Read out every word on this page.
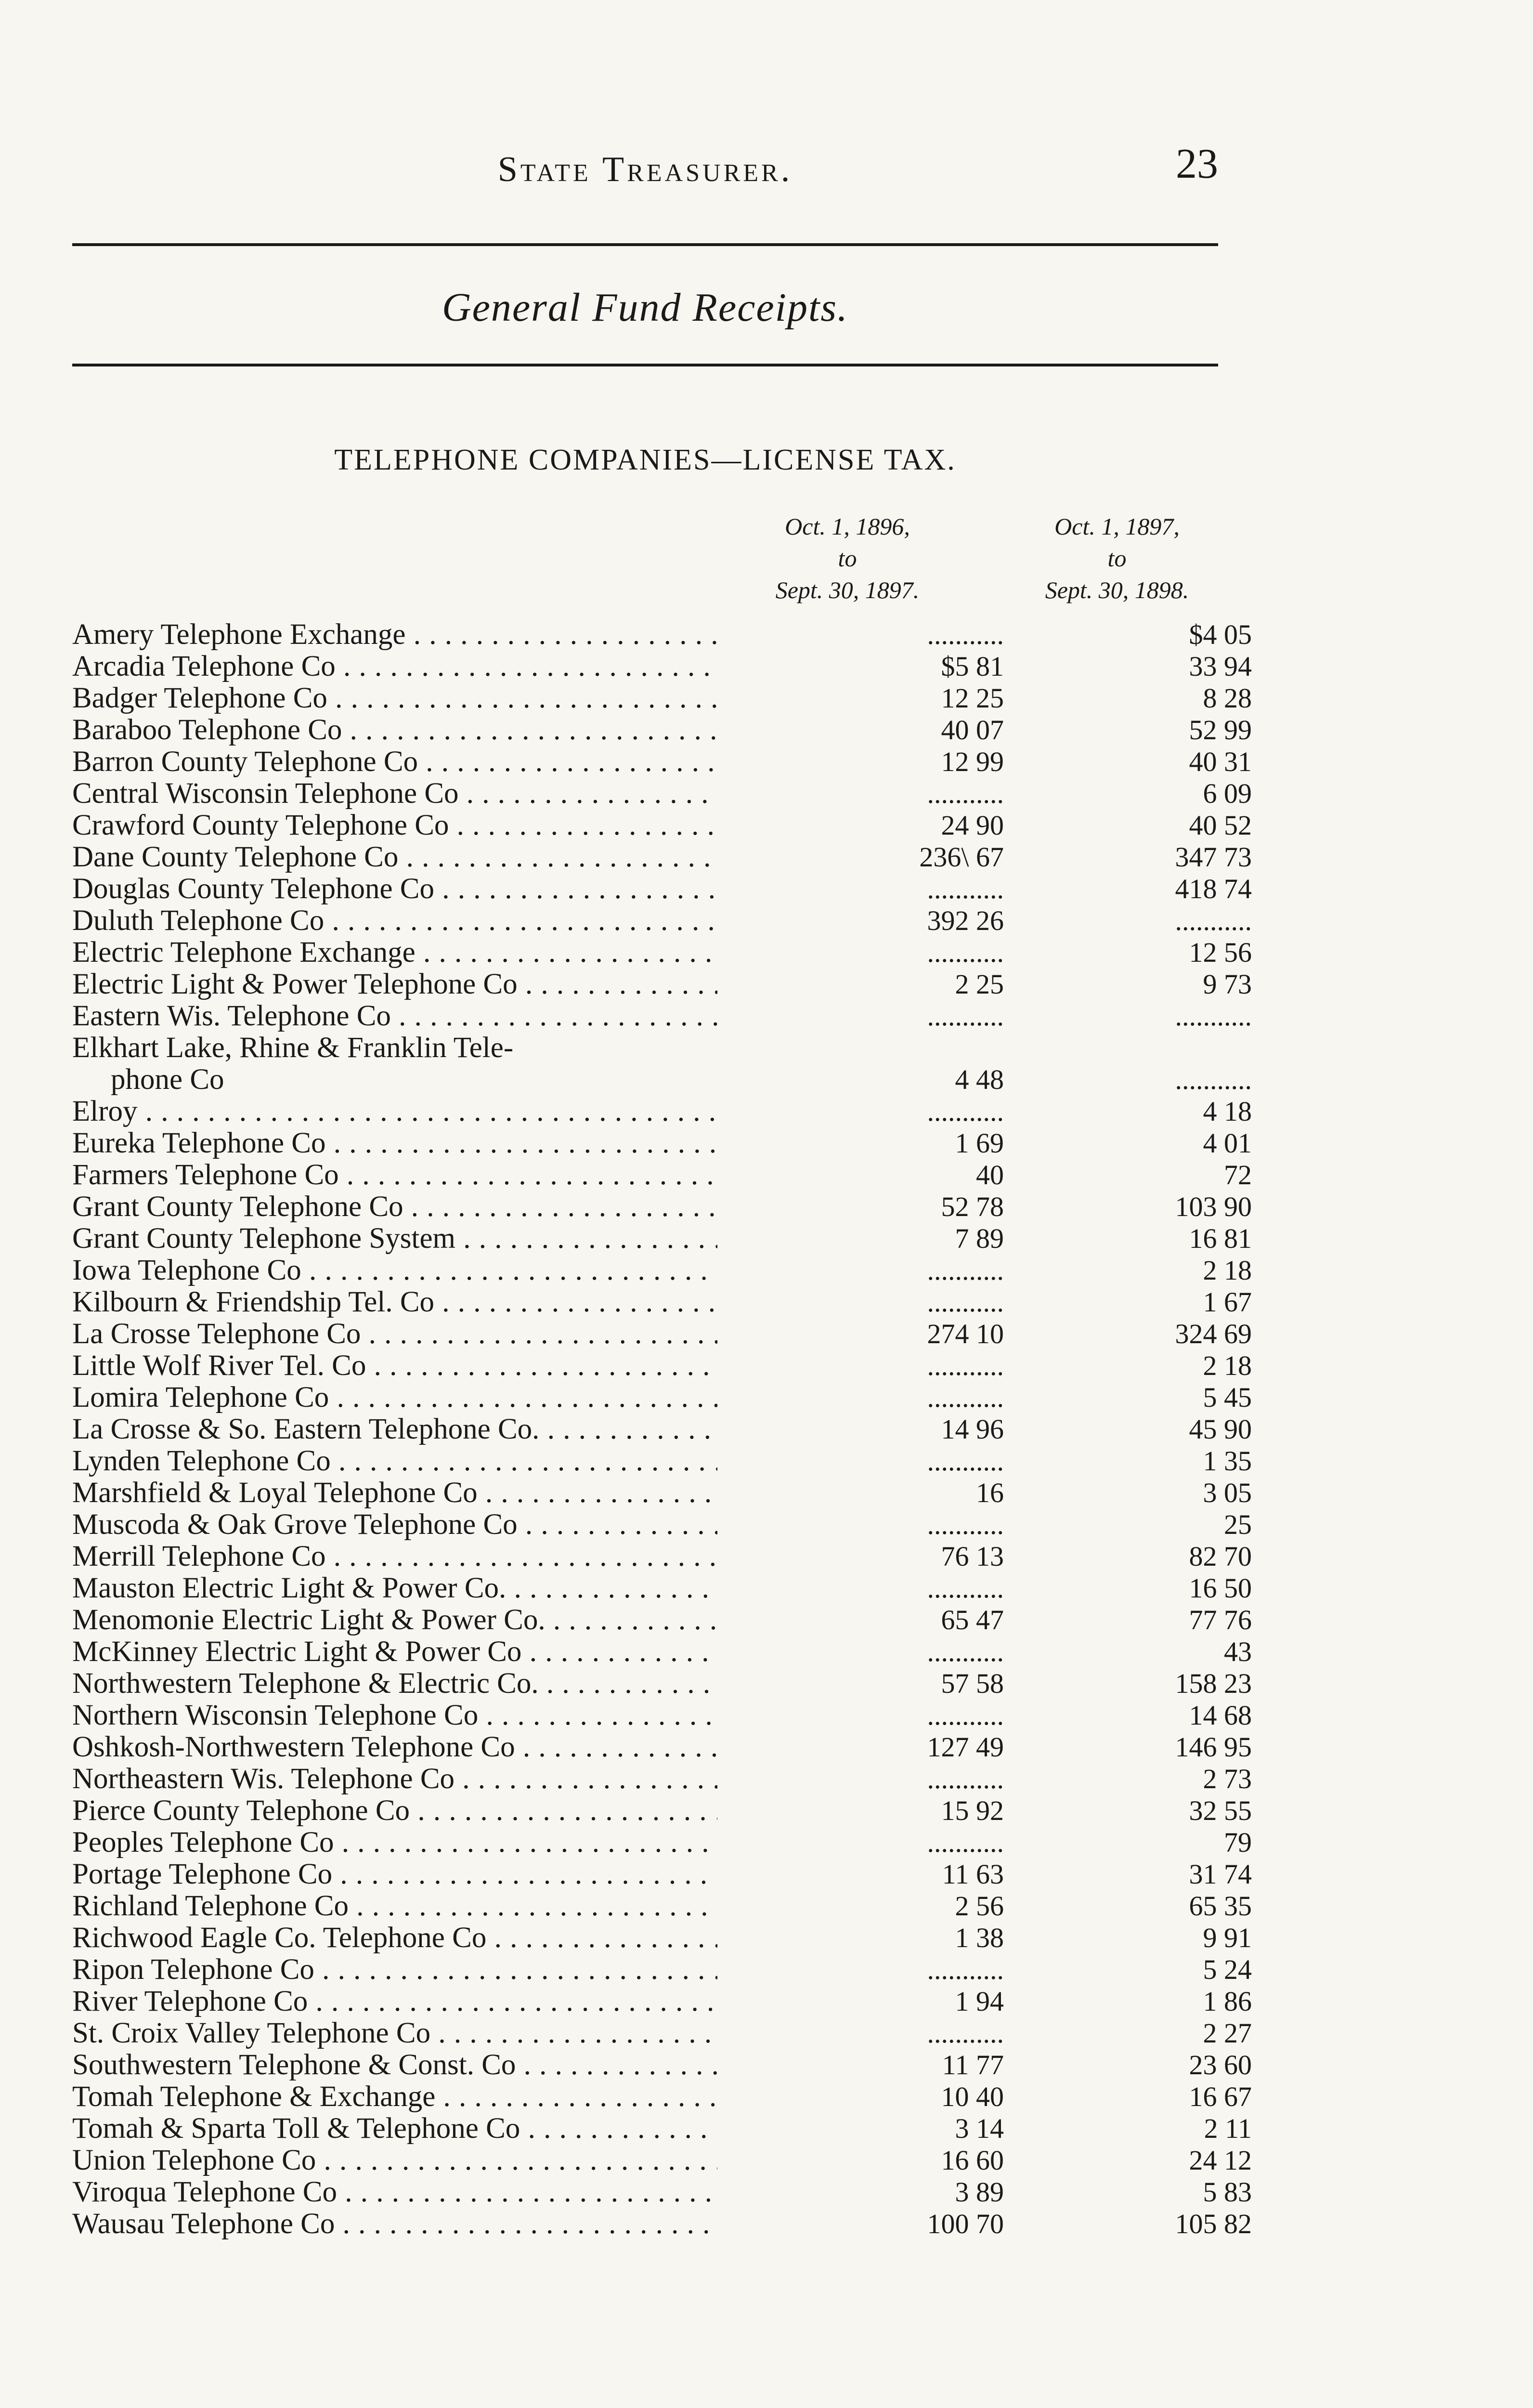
State Treasurer.	23
General Fund Receipts.
TELEPHONE COMPANIES—LICENSE TAX.
Oct. 1, 1896,
to
Sept. 30, 1897.
Oct. 1, 1897,
to
Sept. 30, 1898.
Amery Telephone Exchange . . .	...........	$4 05
Arcadia Telephone Co . . .	$5 81	33 94
Badger Telephone Co . . .	12 25	8 28
Baraboo Telephone Co . . .	40 07	52 99
Barron County Telephone Co . . .	12 99	40 31
Central Wisconsin Telephone Co . . .	...........	6 09
Crawford County Telephone Co . . .	24 90	40 52
Dane County Telephone Co . . .	236\ 67	347 73
Douglas County Telephone Co . . .	...........	418 74
Duluth Telephone Co . . .	392 26	...........
Electric Telephone Exchange . . .	...........	12 56
Electric Light & Power Telephone Co . . .	2 25	9 73
Eastern Wis. Telephone Co . . .	...........	...........
Elkhart Lake, Rhine & Franklin Tele-
phone Co
. . .	4 48	...........
Elroy . . .	...........	4 18
Eureka Telephone Co . . .	1 69	4 01
Farmers Telephone Co . . .	40	72
Grant County Telephone Co . . .	52 78	103 90
Grant County Telephone System . . .	7 89	16 81
Iowa Telephone Co . . .	...........	2 18
Kilbourn & Friendship Tel. Co . . .	...........	1 67
La Crosse Telephone Co . . .	274 10	324 69
Little Wolf River Tel. Co . . .	...........	2 18
Lomira Telephone Co . . .	...........	5 45
La Crosse & So. Eastern Telephone Co. . . .	14 96	45 90
Lynden Telephone Co . . .	...........	1 35
Marshfield & Loyal Telephone Co . . .	16	3 05
Muscoda & Oak Grove Telephone Co . . .	...........	25
Merrill Telephone Co . . .	76 13	82 70
Mauston Electric Light & Power Co. . . .	...........	16 50
Menomonie Electric Light & Power Co. . . .	65 47	77 76
McKinney Electric Light & Power Co . . .	...........	43
Northwestern Telephone & Electric Co. . . .	57 58	158 23
Northern Wisconsin Telephone Co . . .	...........	14 68
Oshkosh-Northwestern Telephone Co . . .	127 49	146 95
Northeastern Wis. Telephone Co . . .	...........	2 73
Pierce County Telephone Co . . .	15 92	32 55
Peoples Telephone Co . . .	...........	79
Portage Telephone Co . . .	11 63	31 74
Richland Telephone Co . . .	2 56	65 35
Richwood Eagle Co. Telephone Co . . .	1 38	9 91
Ripon Telephone Co . . .	...........	5 24
River Telephone Co . . .	1 94	1 86
St. Croix Valley Telephone Co . . .	...........	2 27
Southwestern Telephone & Const. Co . . .	11 77	23 60
Tomah Telephone & Exchange . . .	10 40	16 67
Tomah & Sparta Toll & Telephone Co . . .	3 14	2 11
Union Telephone Co . . .	16 60	24 12
Viroqua Telephone Co . . .	3 89	5 83
Wausau Telephone Co . . .	100 70	105 82
